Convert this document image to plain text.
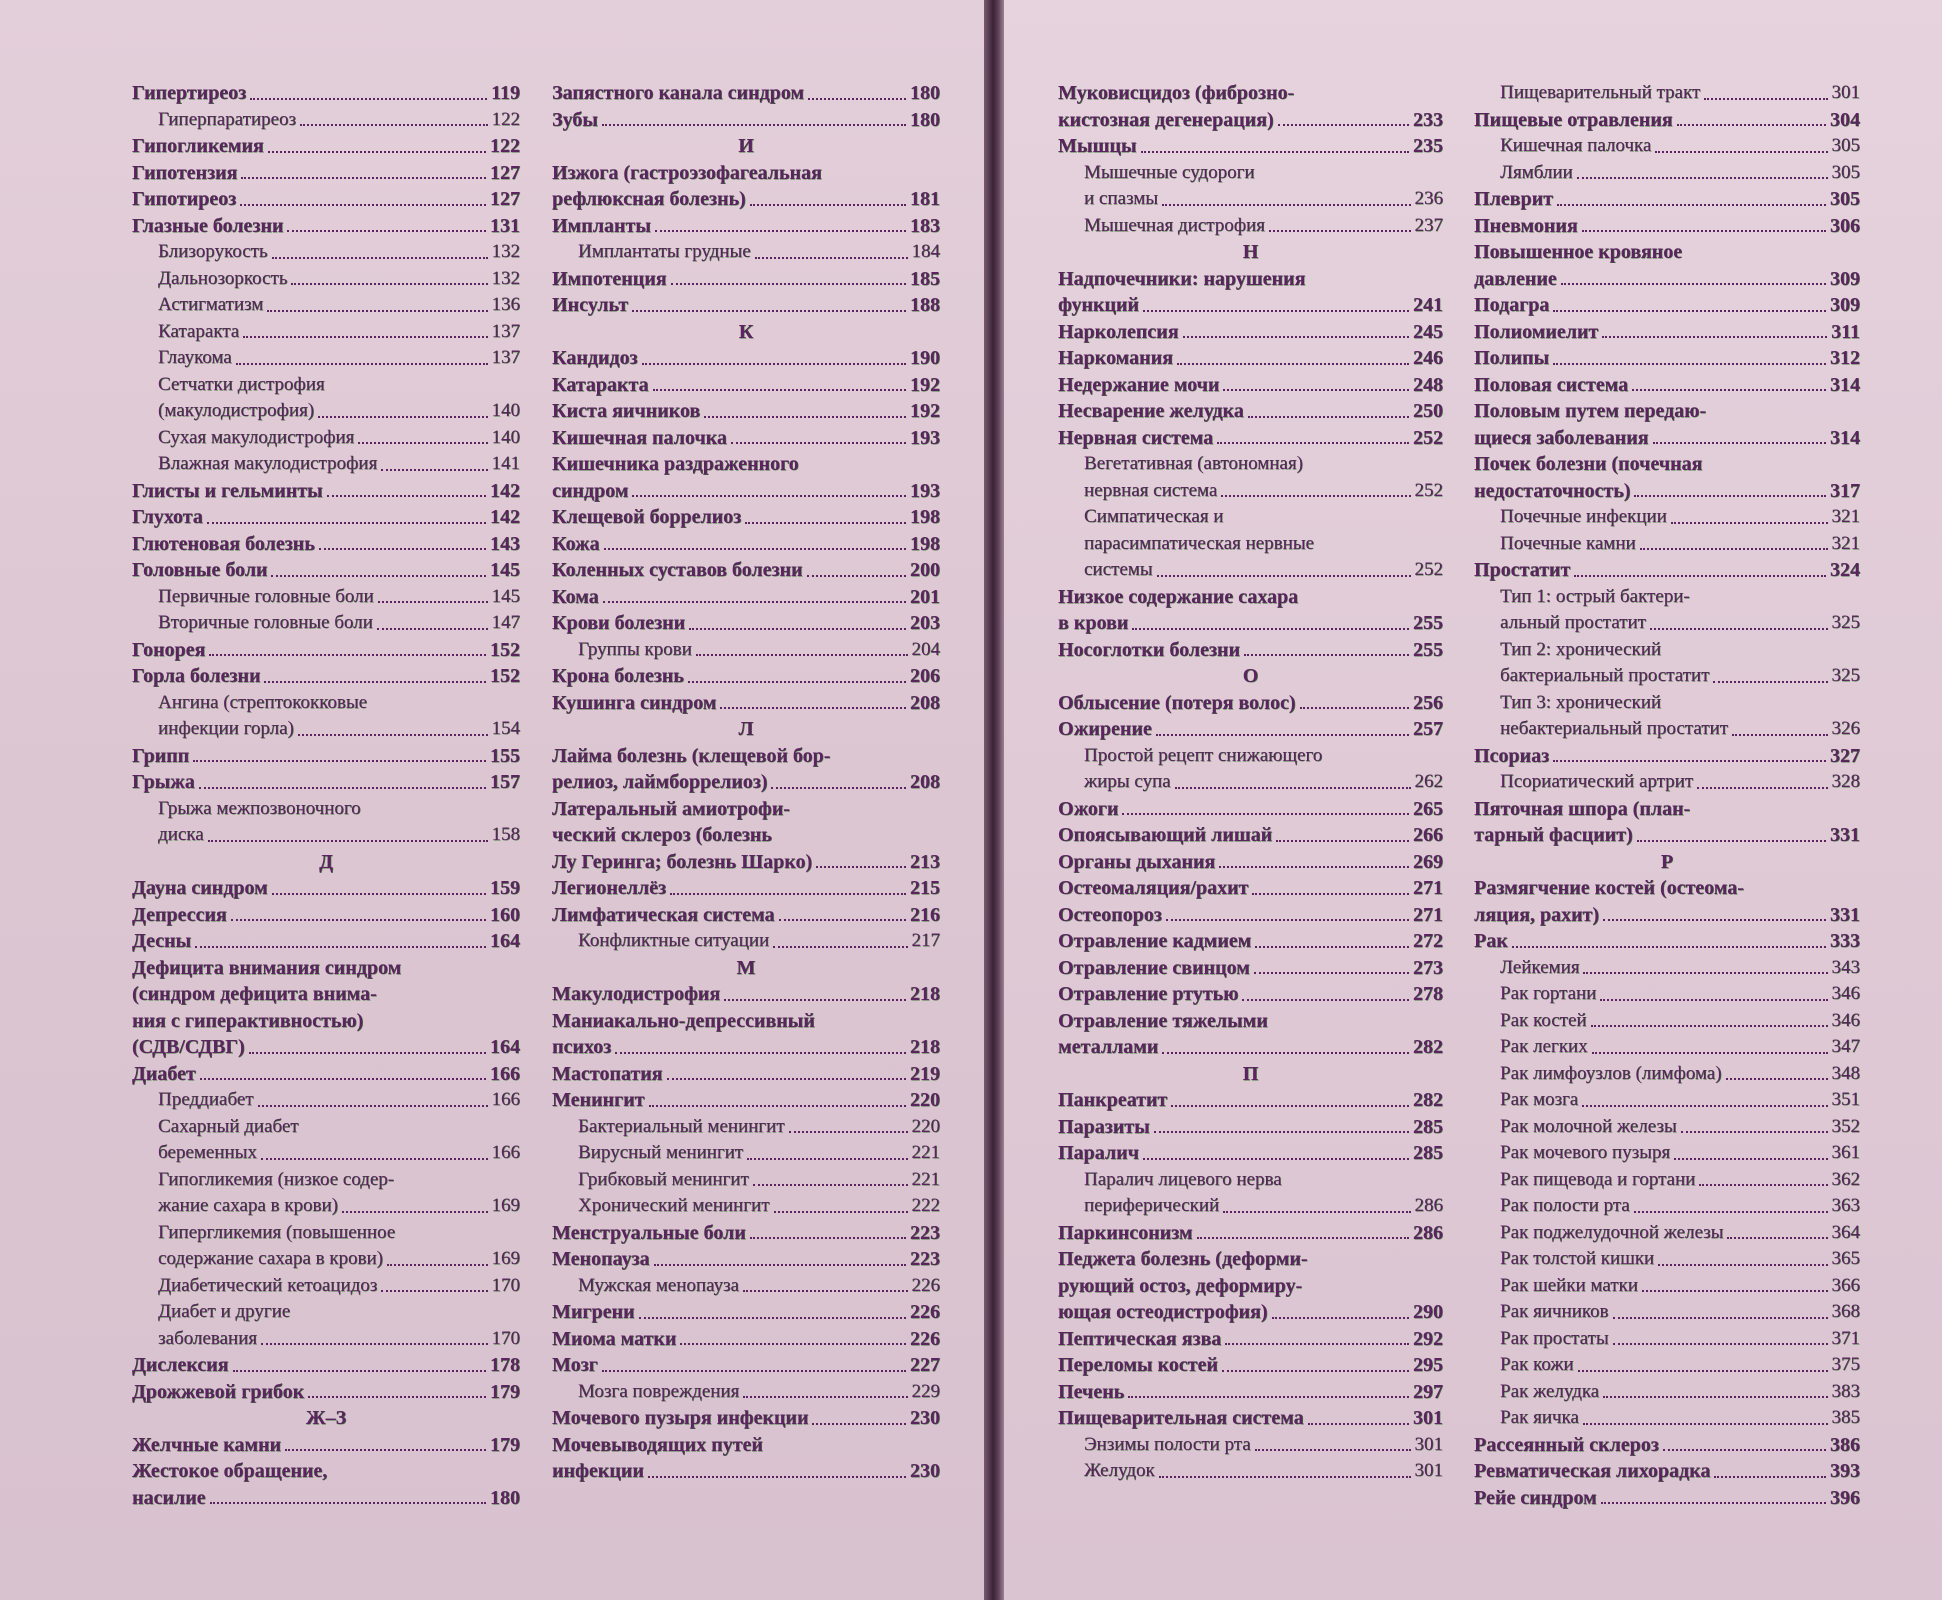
Гипертиреоз	119
Гиперпаратиреоз	122
Гипогликемия	122
Гипотензия	127
Гипотиреоз	127
Глазные болезни	131
Близорукость	132
Дальнозоркость	132
Астигматизм	136
Катаракта	137
Глаукома	137
Сетчатки дистрофия
(макулодистрофия)	140
Сухая макулодистрофия	140
Влажная макулодистрофия	141
Глисты и гельминты	142
Глухота	142
Глютеновая болезнь	143
Головные боли	145
Первичные головные боли	145
Вторичные головные боли	147
Гонорея	152
Горла болезни	152
Ангина (стрептококковые
инфекции горла)	154
Грипп	155
Грыжа	157
Грыжа межпозвоночного
диска	158
Д
Дауна синдром	159
Депрессия	160
Десны	164
Дефицита внимания синдром
(синдром дефицита внима-
ния с гиперактивностью)
(СДВ/СДВГ)	164
Диабет	166
Преддиабет	166
Сахарный диабет
беременных	166
Гипогликемия (низкое содер-
жание сахара в крови)	169
Гипергликемия (повышенное
содержание сахара в крови)	169
Диабетический кетоацидоз	170
Диабет и другие
заболевания	170
Дислексия	178
Дрожжевой грибок	179
Ж–З
Желчные камни	179
Жестокое обращение,
насилие	180
Запястного канала синдром	180
Зубы	180
И
Изжога (гастроэзофагеальная
рефлюксная болезнь)	181
Импланты	183
Имплантаты грудные	184
Импотенция	185
Инсульт	188
К
Кандидоз	190
Катаракта	192
Киста яичников	192
Кишечная палочка	193
Кишечника раздраженного
синдром	193
Клещевой боррелиоз	198
Кожа	198
Коленных суставов болезни	200
Кома	201
Крови болезни	203
Группы крови	204
Крона болезнь	206
Кушинга синдром	208
Л
Лайма болезнь (клещевой бор-
релиоз, лаймборрелиоз)	208
Латеральный амиотрофи-
ческий склероз (болезнь
Лу Геринга; болезнь Шарко)	213
Легионеллёз	215
Лимфатическая система	216
Конфликтные ситуации	217
М
Макулодистрофия	218
Маниакально-депрессивный
психоз	218
Мастопатия	219
Менингит	220
Бактериальный менингит	220
Вирусный менингит	221
Грибковый менингит	221
Хронический менингит	222
Менструальные боли	223
Менопауза	223
Мужская менопауза	226
Мигрени	226
Миома матки	226
Мозг	227
Мозга повреждения	229
Мочевого пузыря инфекции	230
Мочевыводящих путей
инфекции	230
Муковисцидоз (фиброзно-
кистозная дегенерация)	233
Мышцы	235
Мышечные судороги
и спазмы	236
Мышечная дистрофия	237
Н
Надпочечники: нарушения
функций	241
Нарколепсия	245
Наркомания	246
Недержание мочи	248
Несварение желудка	250
Нервная система	252
Вегетативная (автономная)
нервная система	252
Симпатическая и
парасимпатическая нервные
системы	252
Низкое содержание сахара
в крови	255
Носоглотки болезни	255
О
Облысение (потеря волос)	256
Ожирение	257
Простой рецепт снижающего
жиры супа	262
Ожоги	265
Опоясывающий лишай	266
Органы дыхания	269
Остеомаляция/рахит	271
Остеопороз	271
Отравление кадмием	272
Отравление свинцом	273
Отравление ртутью	278
Отравление тяжелыми
металлами	282
П
Панкреатит	282
Паразиты	285
Паралич	285
Паралич лицевого нерва
периферический	286
Паркинсонизм	286
Педжета болезнь (деформи-
рующий остоз, деформиру-
ющая остеодистрофия)	290
Пептическая язва	292
Переломы костей	295
Печень	297
Пищеварительная система	301
Энзимы полости рта	301
Желудок	301
Пищеварительный тракт	301
Пищевые отравления	304
Кишечная палочка	305
Лямблии	305
Плеврит	305
Пневмония	306
Повышенное кровяное
давление	309
Подагра	309
Полиомиелит	311
Полипы	312
Половая система	314
Половым путем передаю-
щиеся заболевания	314
Почек болезни (почечная
недостаточность)	317
Почечные инфекции	321
Почечные камни	321
Простатит	324
Тип 1: острый бактери-
альный простатит	325
Тип 2: хронический
бактериальный простатит	325
Тип 3: хронический
небактериальный простатит	326
Псориаз	327
Псориатический артрит	328
Пяточная шпора (план-
тарный фасциит)	331
Р
Размягчение костей (остеома-
ляция, рахит)	331
Рак	333
Лейкемия	343
Рак гортани	346
Рак костей	346
Рак легких	347
Рак лимфоузлов (лимфома)	348
Рак мозга	351
Рак молочной железы	352
Рак мочевого пузыря	361
Рак пищевода и гортани	362
Рак полости рта	363
Рак поджелудочной железы	364
Рак толстой кишки	365
Рак шейки матки	366
Рак яичников	368
Рак простаты	371
Рак кожи	375
Рак желудка	383
Рак яичка	385
Рассеянный склероз	386
Ревматическая лихорадка	393
Рейе синдром	396
